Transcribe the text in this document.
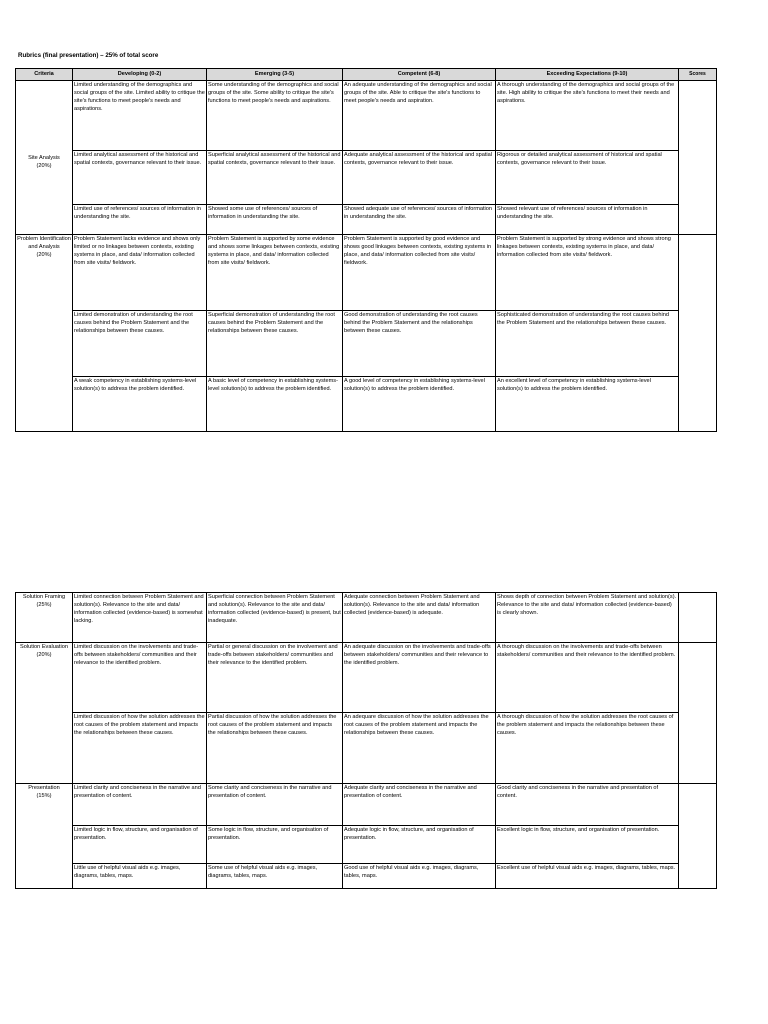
Rubrics (final presentation) – 25% of total score
Criteria	Developing (0-2)	Emerging (3-5)	Competent (6-8)	Exceeding Expectations (9-10)	Scores

Site Analysis
(20%)	Limited understanding of the demographics and social groups of the site. Limited ability to critique the site's functions to meet people's needs and aspirations.	Some understanding of the demographics and social groups of the site. Some ability to critique the site's functions to meet people's needs and aspirations.	An adequate understanding of the demographics and social groups of the site. Able to critique the site's functions to meet people's needs and aspiration.	A thorough understanding of the demographics and social groups of the site. High ability to critique the site's functions to meet their needs and aspirations.	
	Limited analytical assessment of the historical and spatial contexts, governance relevant to their issue.	Superficial analytical assessment of the historical and spatial contexts, governance relevant to their issue.	Adequate analytical assessment of the historical and spatial contexts, governance relevant to their issue.	Rigorous or detailed analytical assessment of historical and spatial contexts, governance relevant to their issue.	
	Limited use of references/ sources of information in understanding the site.	Showed some use of references/ sources of information in understanding the site.	Showed adequate use of references/ sources of information in understanding the site.	Showed relevant use of references/ sources of information in understanding the site.	
Problem Identification and Analysis
(20%)	Problem Statement lacks evidence and shows only limited or no linkages between contexts, existing systems in place, and data/ information collected from site visits/ fieldwork.	Problem Statement is supported by some evidence and shows some linkages between contexts, existing systems in place, and data/ information collected from site visits/ fieldwork.	Problem Statement is supported by good evidence and shows good linkages between contexts, existing systems in place, and data/ information collected from site visits/ fieldwork.	Problem Statement is supported by strong evidence and shows strong linkages between contexts, existing systems in place, and data/ information collected from site visits/ fieldwork.	
	Limited demonstration of understanding the root causes behind the Problem Statement and the relationships between these causes.	Superficial demonstration of understanding the root causes behind the Problem Statement and the relationships between these causes.	Good demonstration of understanding the root causes behind the Problem Statement and the relationships between these causes.	Sophisticated demonstration of understanding the root causes behind the Problem Statement and the relationships between these causes.	
	A weak competency in establishing systems-level solution(s) to address the problem identified.	A basic level of competency in establishing systems-level solution(s) to address the problem identified.	A good level of competency in establishing systems-level solution(s) to address the problem identified.	An excellent level of competency in establishing systems-level solution(s) to address the problem identified.	
Solution Framing
(25%)	Limited connection between Problem Statement and solution(s). Relevance to the site and data/ information collected (evidence-based) is somewhat lacking.	Superficial connection between Problem Statement and solution(s). Relevance to the site and data/ information collected (evidence-based) is present, but inadequate.	Adequate connection between Problem Statement and solution(s). Relevance to the site and data/ information collected (evidence-based) is adequate.	Shows depth of connection between Problem Statement and solution(s). Relevance to the site and data/ information collected (evidence-based) is clearly shown.	
Solution Evaluation
(20%)	Limited discussion on the involvements and trade-offs between stakeholders/ communities and their relevance to the identified problem.	Partial or general discussion on the involvement and trade-offs between stakeholders/ communities and their relevance to the identified problem.	An adequate discussion on the involvements and trade-offs between stakeholders/ communities and their relevance to the identified problem.	A thorough discussion on the involvements and trade-offs between stakeholders/ communities and their relevance to the identified problem.	
	Limited discussion of how the solution addresses the root causes of the problem statement and impacts the relationships between these causes.	Partial discussion of how the solution addresses the root causes of the problem statement and impacts the relationships between these causes.	An adequare discussion of how the solution addresses the root causes of the problem statement and impacts the relationships between these causes.	A thorough discussion of how the solution addresses the root causes of the problem statement and impacts the relationships between these causes.	
Presentation
(15%)	Limited clarity and conciseness in the narrative and presentation of content.	Some clarity and conciseness in the narrative and presentation of content.	Adequate clarity and conciseness in the narrative and presentation of content.	Good clarity and conciseness in the narrative and presentation of content.	
	Limited logic in flow, structure, and organisation of presentation.	Some logic in flow, structure, and organisation of presentation.	Adequate logic in flow, structure, and organisation of presentation.	Excellent logic in flow, structure, and organisation of presentation.	
	Little use of helpful visual aids e.g. images, diagrams, tables, maps.	Some use of helpful visual aids e.g. images, diagrams, tables, maps.	Good use of helpful visual aids e.g. images, diagrams, tables, maps.	Excellent use of helpful visual aids e.g. images, diagrams, tables, maps.	
